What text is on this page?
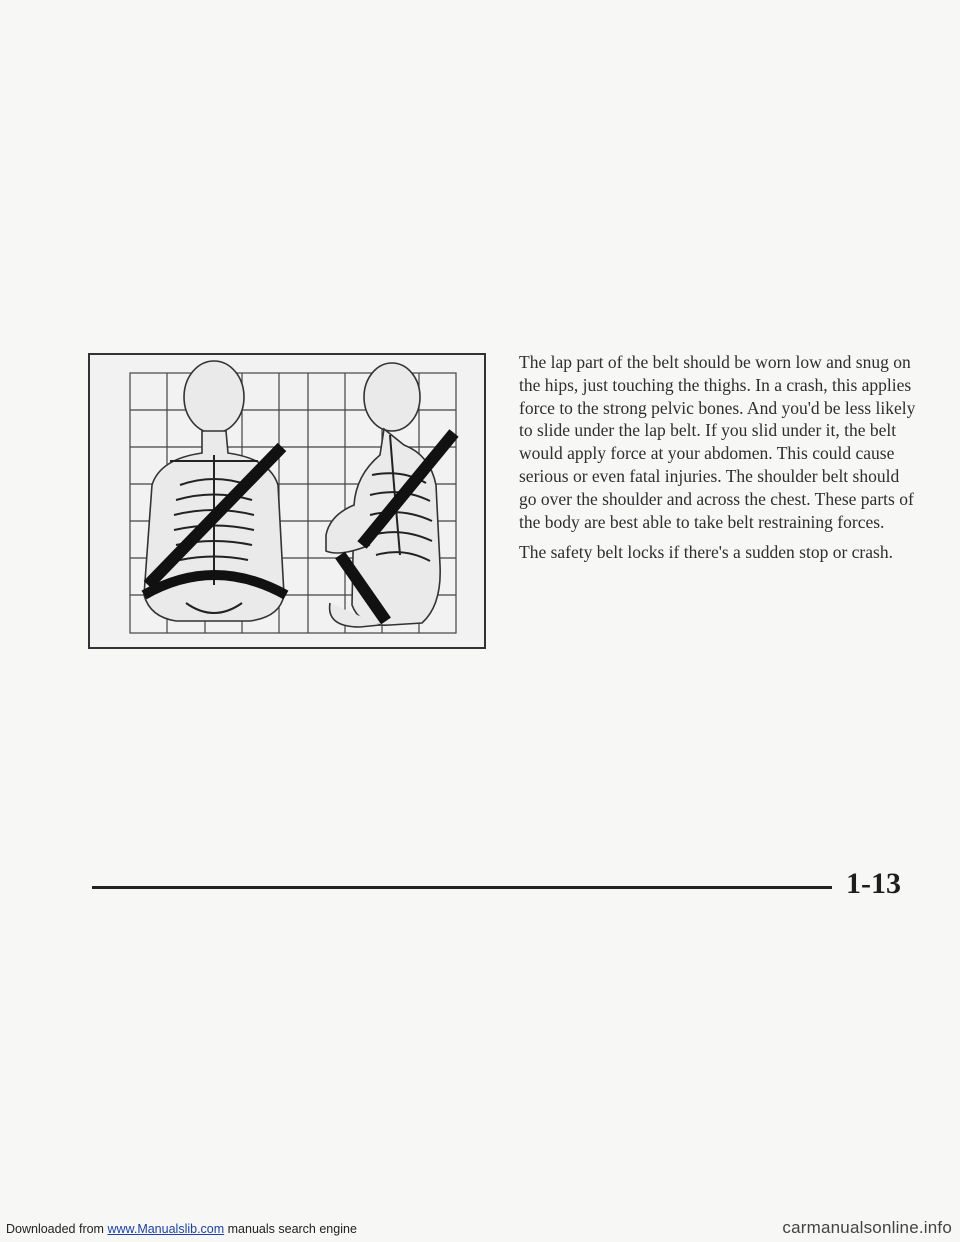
The lap part of the belt should be worn low and snug on the hips, just touching the thighs. In a crash, this applies force to the strong pelvic bones. And you'd be less likely to slide under the lap belt. If you slid under it, the belt would apply force at your abdomen. This could cause serious or even fatal injuries. The shoulder belt should go over the shoulder and across the chest. These parts of the body are best able to take belt restraining forces.

The safety belt locks if there's a sudden stop or crash.

1-13
Downloaded from www.Manualslib.com manuals search engine	carmanualsonline.info
